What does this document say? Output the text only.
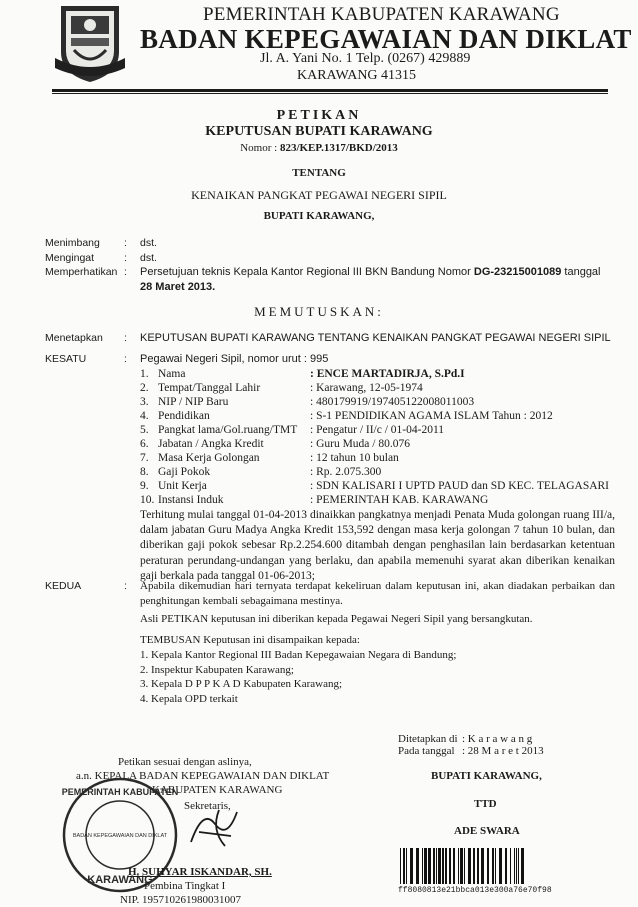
PEMERINTAH KABUPATEN KARAWANG
BADAN KEPEGAWAIAN DAN DIKLAT
Jl. A. Yani No. 1 Telp. (0267) 429889
KARAWANG 41315
PETIKAN
KEPUTUSAN BUPATI KARAWANG
Nomor : 823/KEP.1317/BKD/2013
TENTANG
KENAIKAN PANGKAT PEGAWAI NEGERI SIPIL
BUPATI KARAWANG,
Menimbang : dst.
Mengingat	: dst.
Memperhatikan : Persetujuan teknis Kepala Kantor Regional III BKN Bandung Nomor DG-23215001089 tanggal
28 Maret 2013.
MEMUTUSKAN:
Menetapkan : KEPUTUSAN BUPATI KARAWANG TENTANG KENAIKAN PANGKAT PEGAWAI NEGERI SIPIL
KESATU	: Pegawai Negeri Sipil, nomor urut : 995
1. Nama	: ENCE MARTADIRJA, S.Pd.I
2. Tempat/Tanggal Lahir	: Karawang, 12-05-1974
3. NIP / NIP Baru	: 480179919/197405122008011003
4. Pendidikan	: S-1 PENDIDIKAN AGAMA ISLAM Tahun : 2012
5. Pangkat lama/Gol.ruang/TMT : Pengatur / II/c / 01-04-2011
6. Jabatan / Angka Kredit	: Guru Muda / 80.076
7. Masa Kerja Golongan	: 12 tahun 10 bulan
8. Gaji Pokok	: Rp. 2.075.300
9. Unit Kerja	: SDN KALISARI I UPTD PAUD dan SD KEC. TELAGASARI
10. Instansi Induk	: PEMERINTAH KAB. KARAWANG
Terhitung mulai tanggal 01-04-2013 dinaikkan pangkatnya menjadi Penata Muda golongan ruang III/a, dalam jabatan Guru Madya Angka Kredit 153,592 dengan masa kerja golongan 7 tahun 10 bulan, dan diberikan gaji pokok sebesar Rp.2.254.600 ditambah dengan penghasilan lain berdasarkan ketentuan peraturan perundang-undangan yang berlaku, dan apabila memenuhi syarat akan diberikan kenaikan gaji berkala pada tanggal 01-06-2013;
KEDUA	: Apabila dikemudian hari ternyata terdapat kekeliruan dalam keputusan ini, akan diadakan perbaikan dan penghitungan kembali sebagaimana mestinya.
Asli PETIKAN keputusan ini diberikan kepada Pegawai Negeri Sipil yang bersangkutan.
TEMBUSAN Keputusan ini disampaikan kepada:
1. Kepala Kantor Regional III Badan Kepegawaian Negara di Bandung;
2. Inspektur Kabupaten Karawang;
3. Kepala D P P K A D Kabupaten Karawang;
4. Kepala OPD terkait
Ditetapkan di : K a r a w a n g
Pada tanggal : 28 M a r e t 2013
BUPATI KARAWANG,
TTD
ADE SWARA
Petikan sesuai dengan aslinya,
a.n. KEPALA BADAN KEPEGAWAIAN DAN DIKLAT
KABUPATEN KARAWANG
Sekretaris,
PEMERINTAH KABUPATEN
KARAWANG
BADAN KEPEGAWAIAN DAN DIKLAT
H. SUHYAR ISKANDAR, SH.
Pembina Tingkat I
NIP. 195710261980031007
ff8080813e21bbca013e300a76e70f98
